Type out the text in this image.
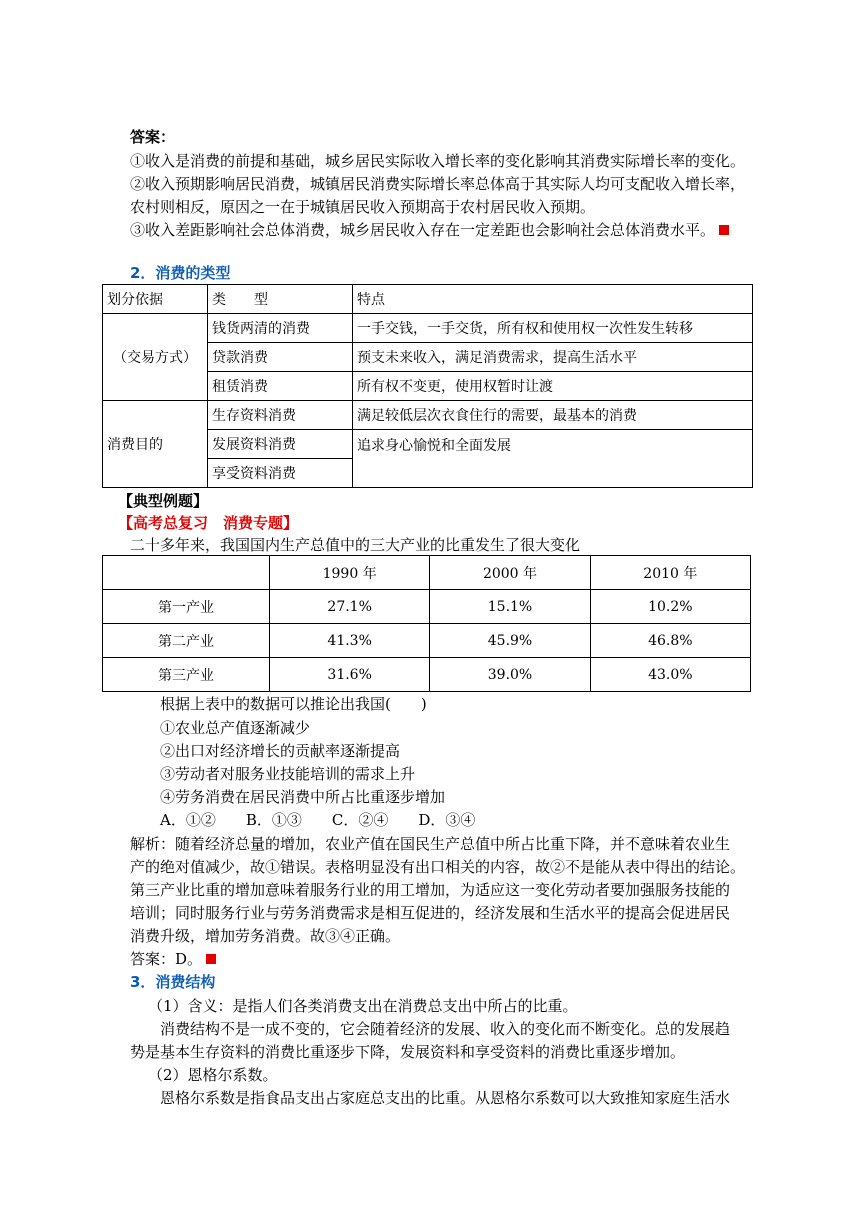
答案：
①收入是消费的前提和基础，城乡居民实际收入增长率的变化影响其消费实际增长率的变化。
②收入预期影响居民消费，城镇居民消费实际增长率总体高于其实际人均可支配收入增长率，
农村则相反，原因之一在于城镇居民收入预期高于农村居民收入预期。
③收入差距影响社会总体消费，城乡居民收入存在一定差距也会影响社会总体消费水平。
2．消费的类型
划分依据	类　　型	特点
（交易方式）	钱货两清的消费	一手交钱，一手交货，所有权和使用权一次性发生转移
	贷款消费	预支未来收入，满足消费需求，提高生活水平
	租赁消费	所有权不变更，使用权暂时让渡
消费目的	生存资料消费	满足较低层次衣食住行的需要，最基本的消费
	发展资料消费	追求身心愉悦和全面发展
	享受资料消费	
【典型例题】
【高考总复习　消费专题】
二十多年来，我国国内生产总值中的三大产业的比重发生了很大变化
	1990 年	2000 年	2010 年
第一产业	27.1%	15.1%	10.2%
第二产业	41.3%	45.9%	46.8%
第三产业	31.6%	39.0%	43.0%
根据上表中的数据可以推论出我国(　　)
①农业总产值逐渐减少
②出口对经济增长的贡献率逐渐提高
③劳动者对服务业技能培训的需求上升
④劳务消费在居民消费中所占比重逐步增加
A．①②　　B．①③　　C．②④　　D．③④
解析：随着经济总量的增加，农业产值在国民生产总值中所占比重下降，并不意味着农业生
产的绝对值减少，故①错误。表格明显没有出口相关的内容，故②不是能从表中得出的结论。
第三产业比重的增加意味着服务行业的用工增加，为适应这一变化劳动者要加强服务技能的
培训；同时服务行业与劳务消费需求是相互促进的，经济发展和生活水平的提高会促进居民
消费升级，增加劳务消费。故③④正确。
答案：D。
3．消费结构
（1）含义：是指人们各类消费支出在消费总支出中所占的比重。
消费结构不是一成不变的，它会随着经济的发展、收入的变化而不断变化。总的发展趋
势是基本生存资料的消费比重逐步下降，发展资料和享受资料的消费比重逐步增加。
（2）恩格尔系数。
恩格尔系数是指食品支出占家庭总支出的比重。从恩格尔系数可以大致推知家庭生活水
